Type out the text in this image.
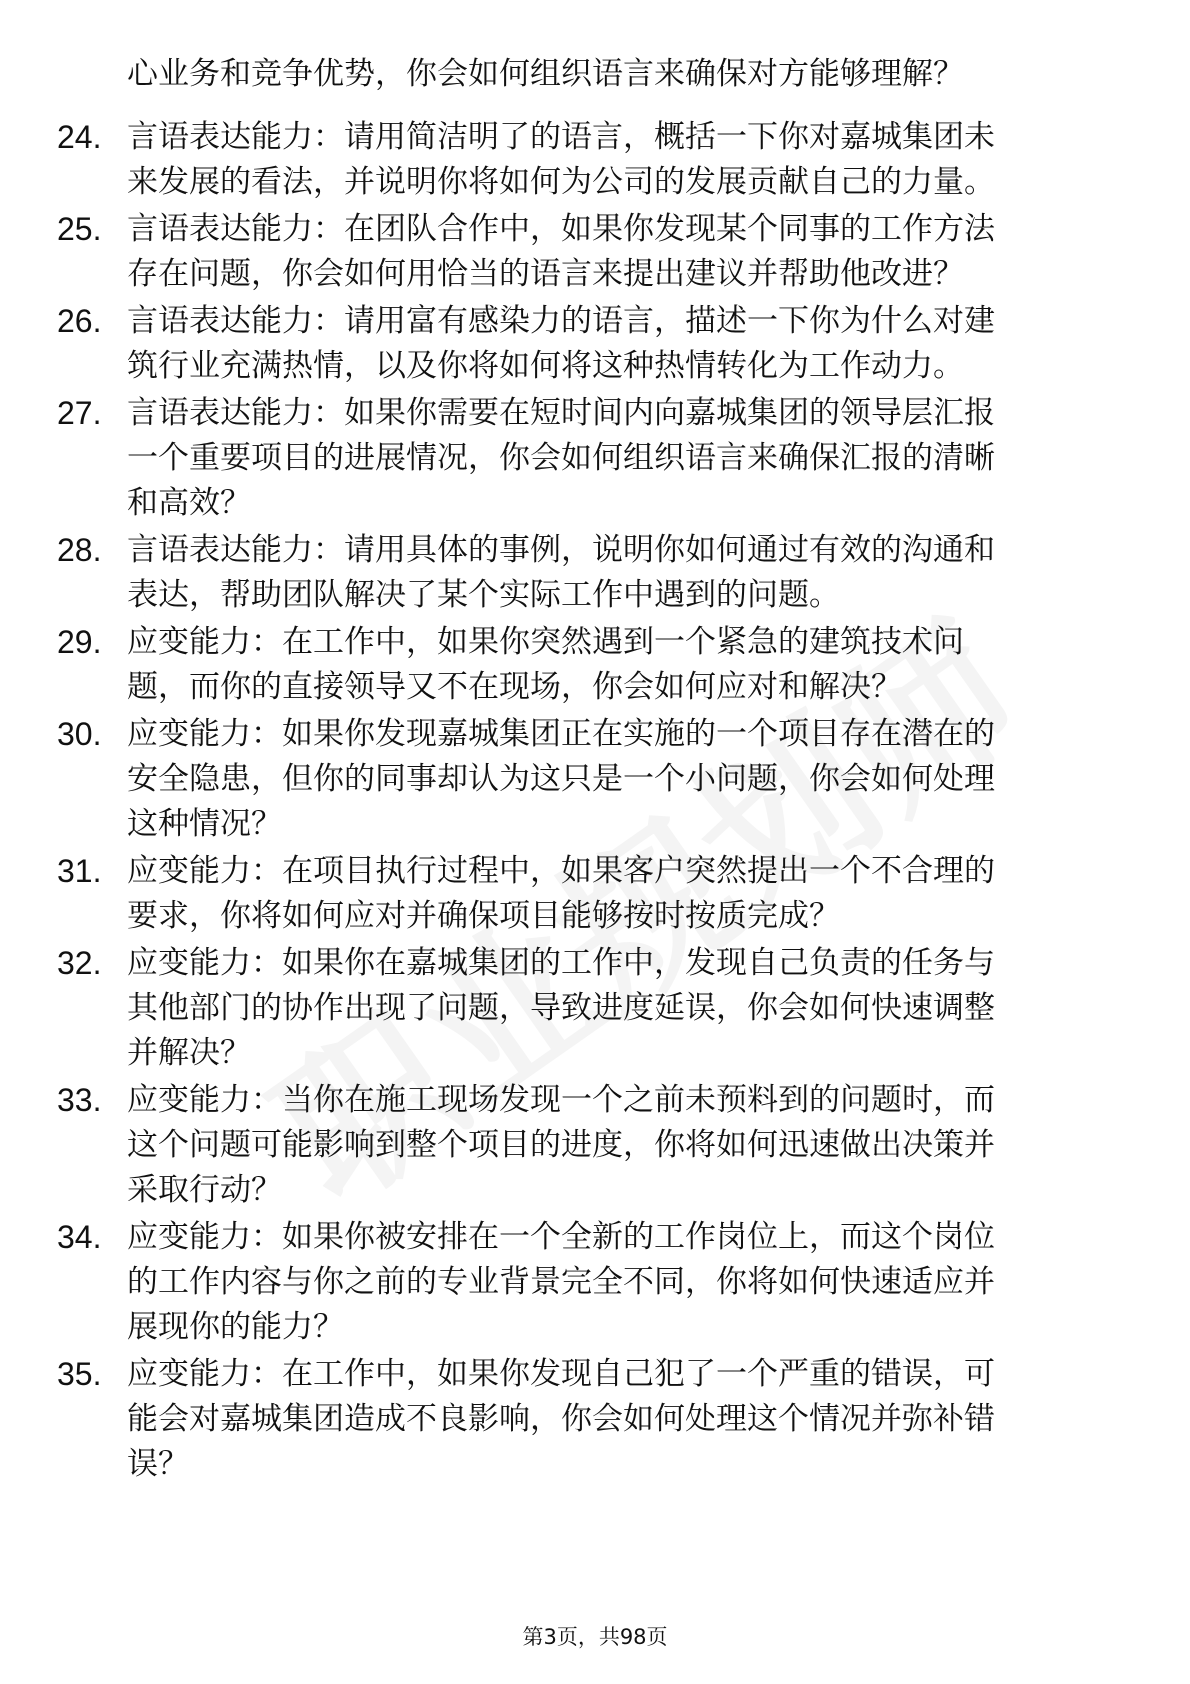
心业务和竞争优势，你会如何组织语言来确保对方能够理解？
24. 言语表达能力：请用简洁明了的语言，概括一下你对嘉城集团未
来发展的看法，并说明你将如何为公司的发展贡献自己的力量。
25. 言语表达能力：在团队合作中，如果你发现某个同事的工作方法
存在问题，你会如何用恰当的语言来提出建议并帮助他改进？
26. 言语表达能力：请用富有感染力的语言，描述一下你为什么对建
筑行业充满热情，以及你将如何将这种热情转化为工作动力。
27. 言语表达能力：如果你需要在短时间内向嘉城集团的领导层汇报
一个重要项目的进展情况，你会如何组织语言来确保汇报的清晰
和高效？
28. 言语表达能力：请用具体的事例，说明你如何通过有效的沟通和
表达，帮助团队解决了某个实际工作中遇到的问题。
29. 应变能力：在工作中，如果你突然遇到一个紧急的建筑技术问
题，而你的直接领导又不在现场，你会如何应对和解决？
30. 应变能力：如果你发现嘉城集团正在实施的一个项目存在潜在的
安全隐患，但你的同事却认为这只是一个小问题，你会如何处理
这种情况？
31. 应变能力：在项目执行过程中，如果客户突然提出一个不合理的
要求，你将如何应对并确保项目能够按时按质完成？
32. 应变能力：如果你在嘉城集团的工作中，发现自己负责的任务与
其他部门的协作出现了问题，导致进度延误，你会如何快速调整
并解决？
33. 应变能力：当你在施工现场发现一个之前未预料到的问题时，而
这个问题可能影响到整个项目的进度，你将如何迅速做出决策并
采取行动？
34. 应变能力：如果你被安排在一个全新的工作岗位上，而这个岗位
的工作内容与你之前的专业背景完全不同，你将如何快速适应并
展现你的能力？
35. 应变能力：在工作中，如果你发现自己犯了一个严重的错误，可
能会对嘉城集团造成不良影响，你会如何处理这个情况并弥补错
误？
第3页，共98页
